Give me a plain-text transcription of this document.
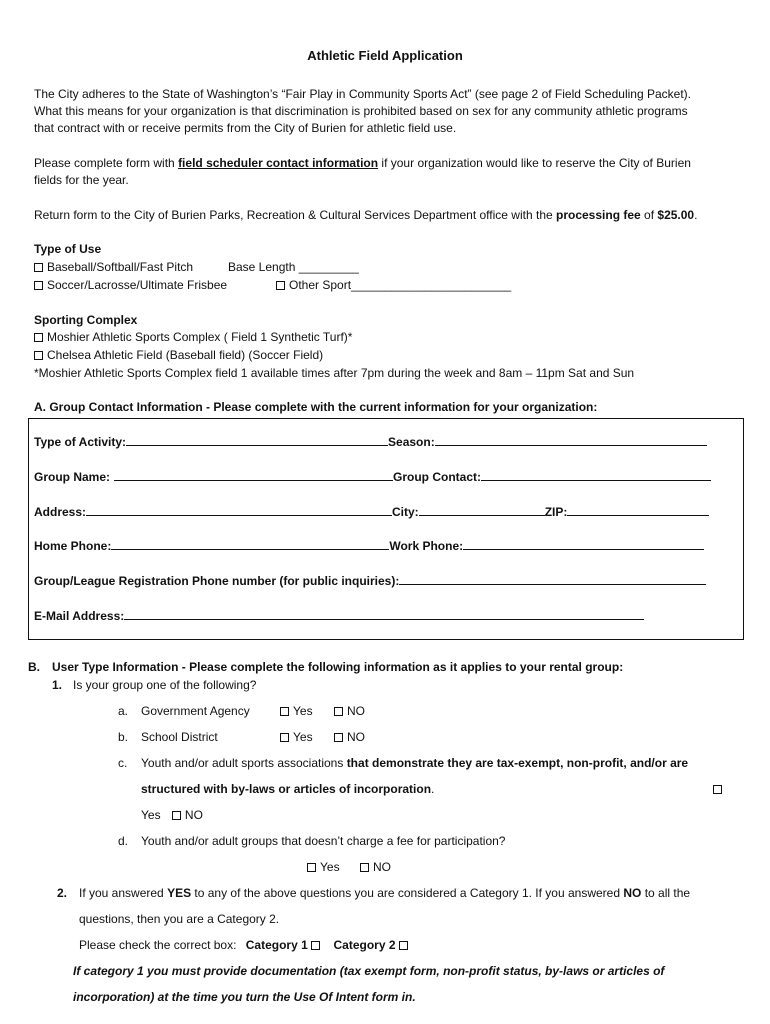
Athletic Field Application
The City adheres to the State of Washington’s “Fair Play in Community Sports Act” (see page 2 of Field Scheduling Packet).
What this means for your organization is that discrimination is prohibited based on sex for any community athletic programs
that contract with or receive permits from the City of Burien for athletic field use.
Please complete form with field scheduler contact information if your organization would like to reserve the City of Burien
fields for the year.
Return form to the City of Burien Parks, Recreation & Cultural Services Department office with the processing fee of $25.00.
Type of Use
Baseball/Softball/Fast Pitch	Base Length _________
Soccer/Lacrosse/Ultimate Frisbee	Other Sport________________________
Sporting Complex
Moshier Athletic Sports Complex ( Field 1 Synthetic Turf)*
Chelsea Athletic Field (Baseball field) (Soccer Field)
*Moshier Athletic Sports Complex field 1 available times after 7pm during the week and 8am – 11pm Sat and Sun
A. Group Contact Information - Please complete with the current information for your organization:
Type of Activity:	Season:
Group Name:	Group Contact:
Address:	City:	ZIP:
Home Phone:	Work Phone:
Group/League Registration Phone number (for public inquiries):
E-Mail Address:
B. User Type Information - Please complete the following information as it applies to your rental group:
1. Is your group one of the following?
a. Government Agency	Yes	NO
b. School District	Yes	NO
c. Youth and/or adult sports associations that demonstrate they are tax-exempt, non-profit, and/or are
structured with by-laws or articles of incorporation.
Yes NO
d. Youth and/or adult groups that doesn’t charge a fee for participation?
Yes	NO
2. If you answered YES to any of the above questions you are considered a Category 1. If you answered NO to all the
questions, then you are a Category 2.
Please check the correct box: Category 1 Category 2
If category 1 you must provide documentation (tax exempt form, non-profit status, by-laws or articles of
incorporation) at the time you turn the Use Of Intent form in.
